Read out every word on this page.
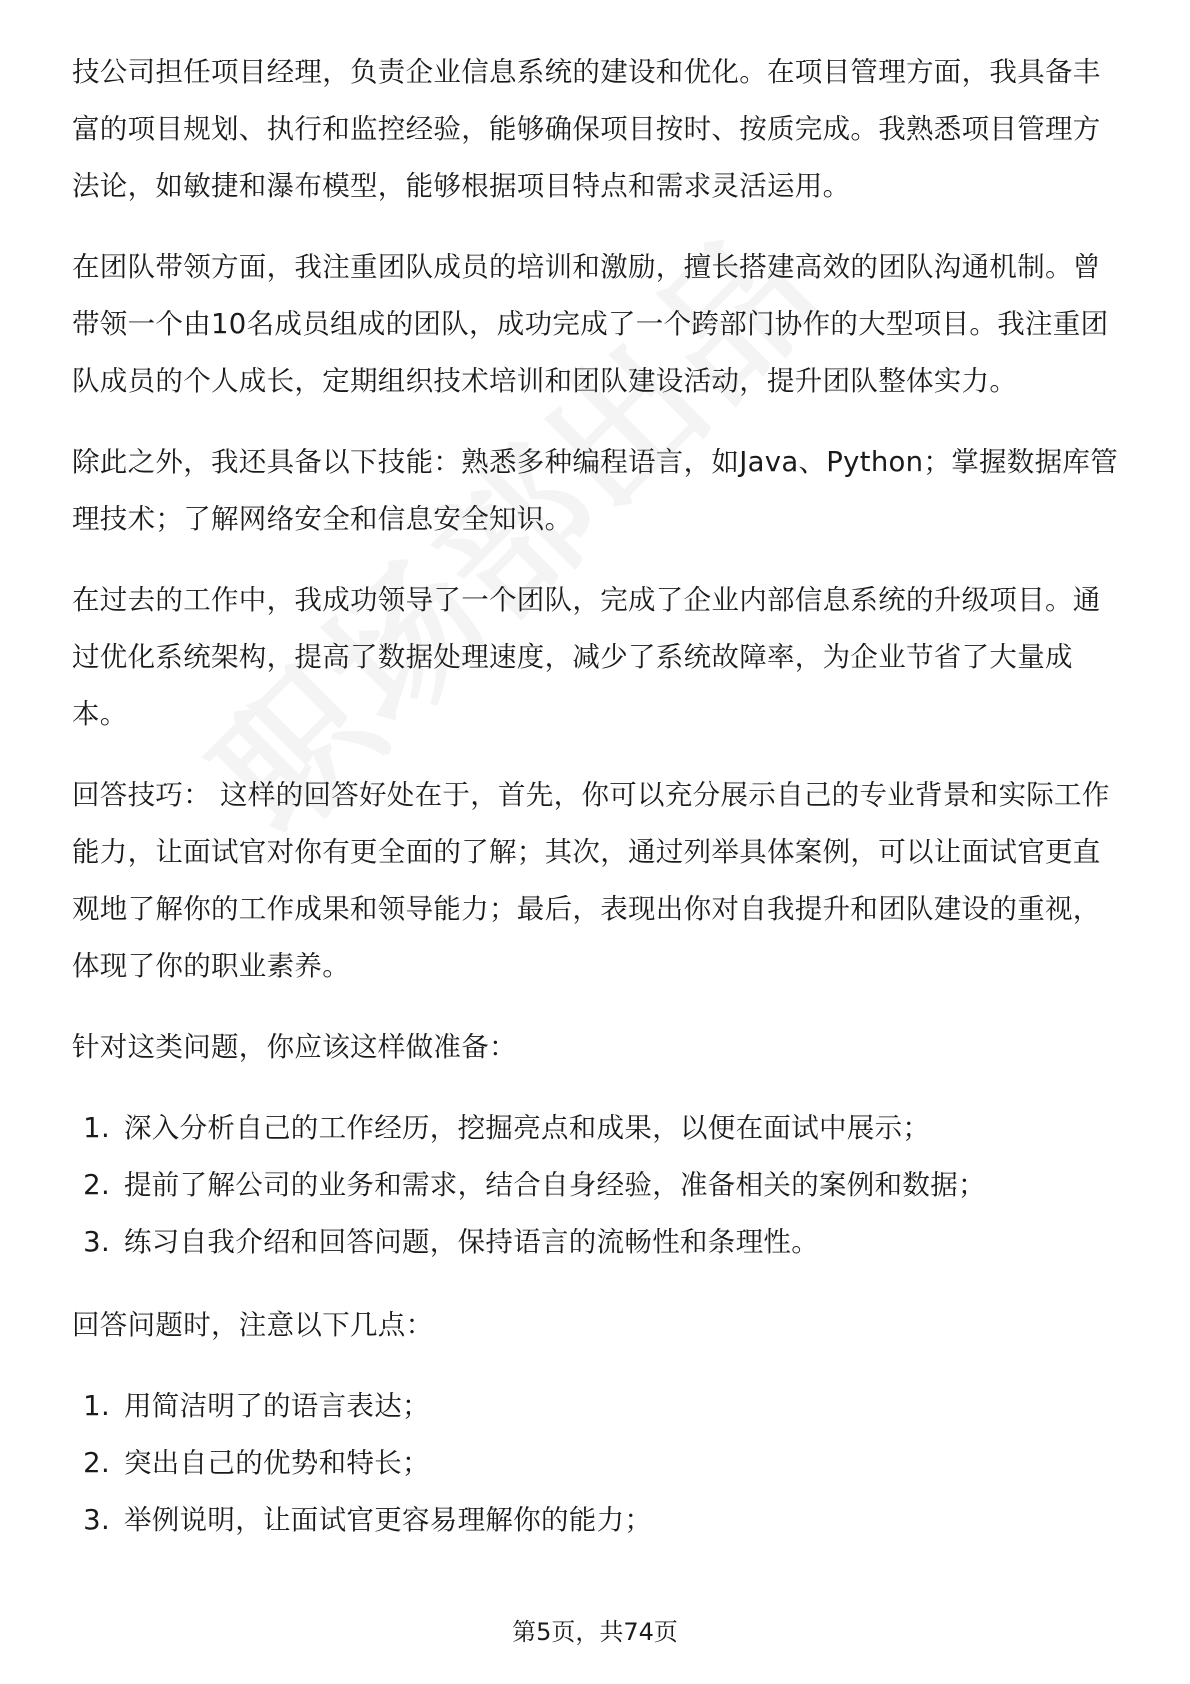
技公司担任项目经理，负责企业信息系统的建设和优化。在项目管理方面，我具备丰富的项目规划、执行和监控经验，能够确保项目按时、按质完成。我熟悉项目管理方法论，如敏捷和瀑布模型，能够根据项目特点和需求灵活运用。

在团队带领方面，我注重团队成员的培训和激励，擅长搭建高效的团队沟通机制。曾带领一个由10名成员组成的团队，成功完成了一个跨部门协作的大型项目。我注重团队成员的个人成长，定期组织技术培训和团队建设活动，提升团队整体实力。

除此之外，我还具备以下技能：熟悉多种编程语言，如Java、Python；掌握数据库管理技术；了解网络安全和信息安全知识。

在过去的工作中，我成功领导了一个团队，完成了企业内部信息系统的升级项目。通过优化系统架构，提高了数据处理速度，减少了系统故障率，为企业节省了大量成本。

回答技巧： 这样的回答好处在于，首先，你可以充分展示自己的专业背景和实际工作能力，让面试官对你有更全面的了解；其次，通过列举具体案例，可以让面试官更直观地了解你的工作成果和领导能力；最后，表现出你对自我提升和团队建设的重视，体现了你的职业素养。

针对这类问题，你应该这样做准备：

1. 深入分析自己的工作经历，挖掘亮点和成果，以便在面试中展示；
2. 提前了解公司的业务和需求，结合自身经验，准备相关的案例和数据；
3. 练习自我介绍和回答问题，保持语言的流畅性和条理性。

回答问题时，注意以下几点：

1. 用简洁明了的语言表达；
2. 突出自己的优势和特长；
3. 举例说明，让面试官更容易理解你的能力；
第5页，共74页
